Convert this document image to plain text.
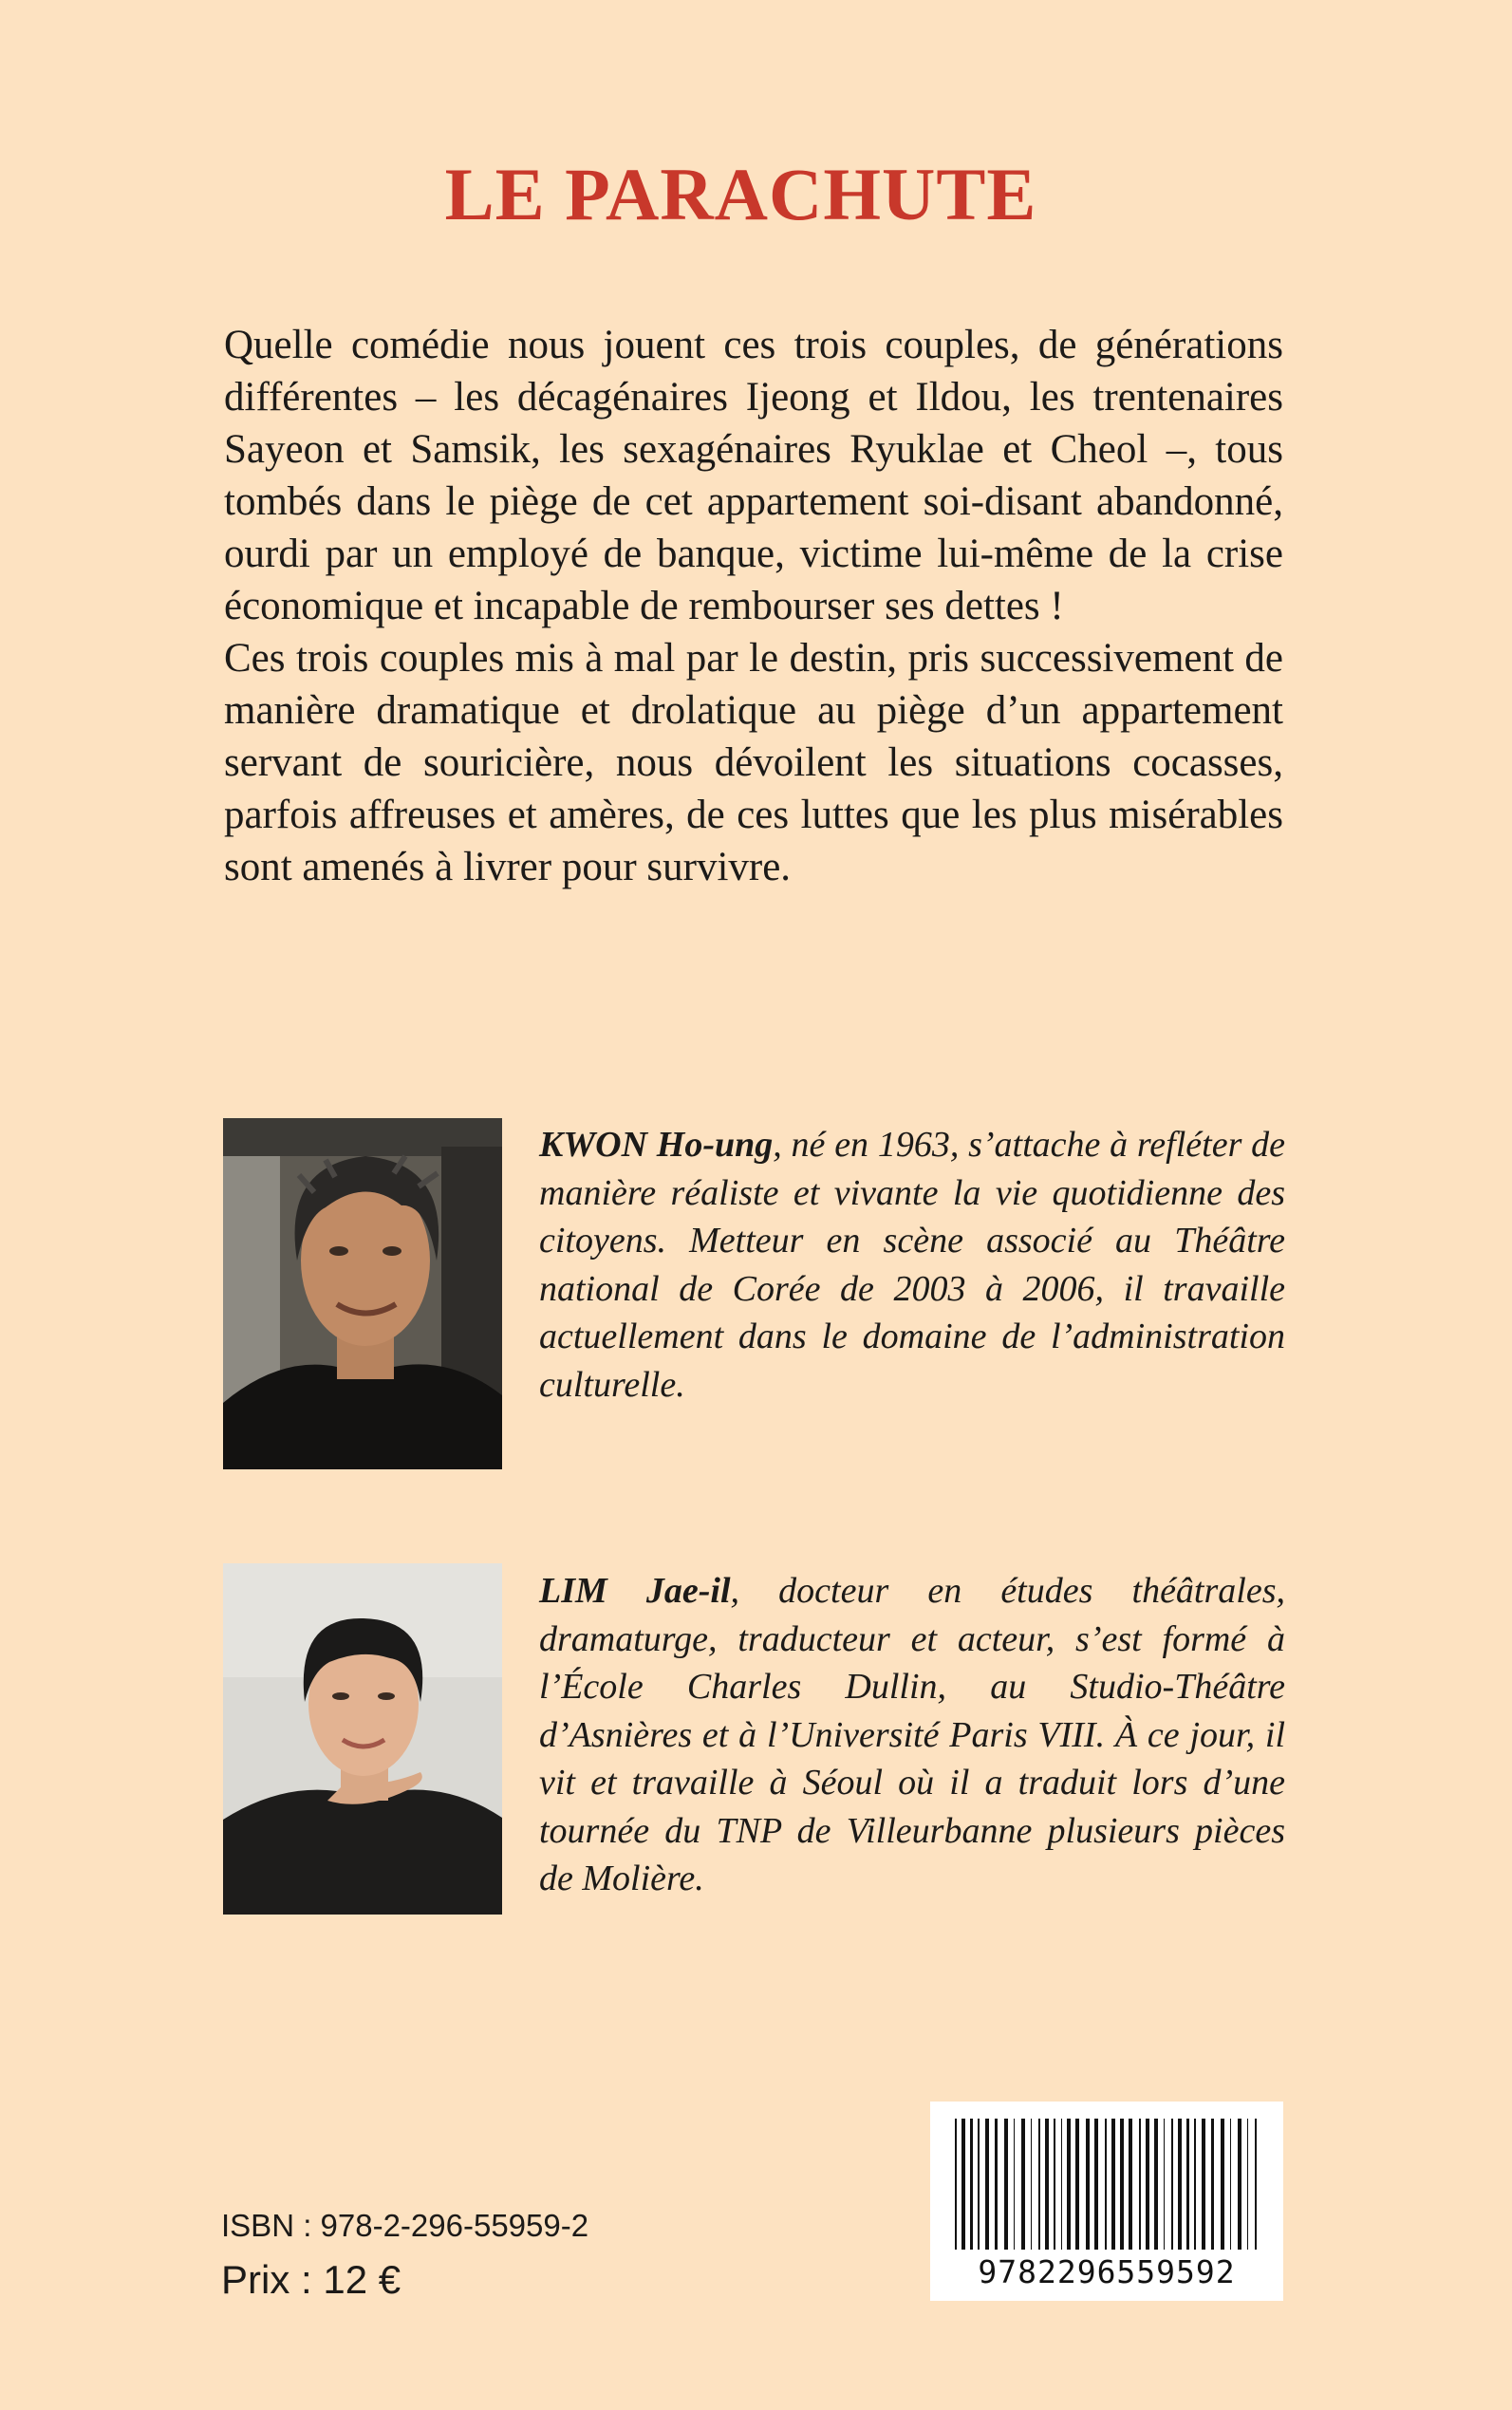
LE PARACHUTE

Quelle comédie nous jouent ces trois couples, de générations différentes – les décagénaires Ijeong et Ildou, les trentenaires Sayeon et Samsik, les sexagénaires Ryuklae et Cheol –, tous tombés dans le piège de cet appartement soi-disant abandonné, ourdi par un employé de banque, victime lui-même de la crise économique et incapable de rembourser ses dettes !

Ces trois couples mis à mal par le destin, pris successivement de manière dramatique et drolatique au piège d’un appartement servant de souricière, nous dévoilent les situations cocasses, parfois affreuses et amères, de ces luttes que les plus misérables sont amenés à livrer pour survivre.

KWON Ho-ung, né en 1963, s’attache à refléter de manière réaliste et vivante la vie quotidienne des citoyens. Metteur en scène associé au Théâtre national de Corée de 2003 à 2006, il travaille actuellement dans le domaine de l’administration culturelle.

LIM Jae-il, docteur en études théâtrales, dramaturge, traducteur et acteur, s’est formé à l’École Charles Dullin, au Studio-Théâtre d’Asnières et à l’Université Paris VIII. À ce jour, il vit et travaille à Séoul où il a traduit lors d’une tournée du TNP de Villeurbanne plusieurs pièces de Molière.

ISBN : 978-2-296-55959-2

Prix : 12 €	9782296559592
